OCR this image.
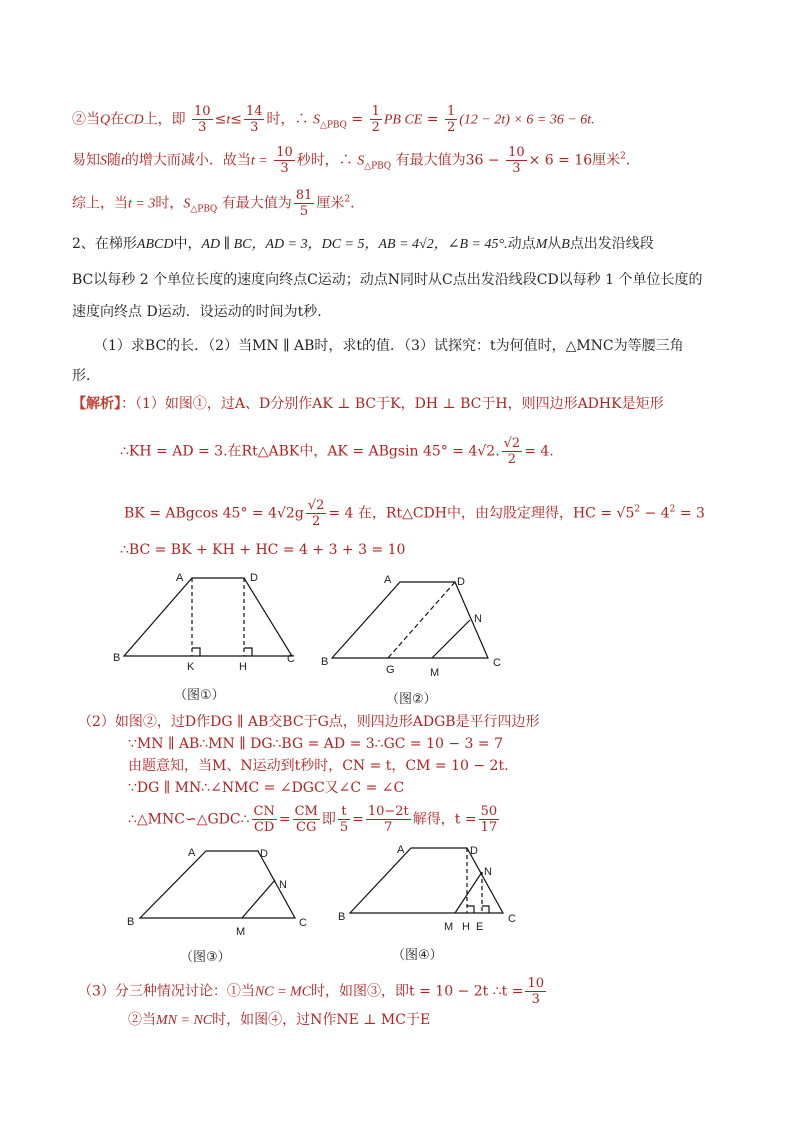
②当Q在CD上，即 $\frac{10}{3} \le t\le \frac{14}{3}$ 时，∴ $S_{\triangle PBQ} = \frac{1}{2}$ PB CE = $\frac{1}{2} (12 - 2t) \times 6 = 36 - 6t$.
易知S随t的增大而减小．故当$t = \frac{10}{3}$ 秒时，∴ $S_{\triangle PBQ}$ 有最大值为$36 - \frac{10}{3} \times 6 = 16$厘米$^2$.
综上，当t = 3时，$S_{\triangle PBQ}$ 有最大值为 $\frac{81}{5}$ 厘米$^2$.
2、在梯形ABCD中，AD ∥ BC，AD = 3，DC = 5，AB = 4√2，∠B = 45°.动点M从B点出发沿线段
BC以每秒 2 个单位长度的速度向终点C运动；动点N同时从C点出发沿线段CD以每秒 1 个单位长度的
速度向终点 D运动．设运动的时间为t秒．
（1）求BC的长．（2）当MN ∥ AB时，求t的值．（3）试探究：t为何值时，△MNC为等腰三角
形．
【解析】：（1）如图①，过A、D分别作AK ⊥ BC于K，DH ⊥ BC于H，则四边形ADHK是矩形
∴KH = AD = 3.在Rt△ABK中，AK = ABgsin 45° = 4√2. $\frac{√2}{2} = 4$.
BK = ABgcos $45^\circ = 4√2g \frac{√2}{2} = 4$ 在，Rt△CDH中，由勾股定理得，HC = $√5^2 - 4^2 = 3$
∴BC = BK + KH + HC = 4 + 3 + 3 = 10
A	D
B
K	H
C
A	D
N
B
G	M
C
A	D
N
B
M
C
A	D
N
B
M H E
C
（图①）	（图②）
（图③）	（图④）
（2）如图②，过D作DG ∥ AB交BC于G点，则四边形ADGB是平行四边形
∵MN ∥ AB∴MN ∥ DG∴BG = AD = 3∴GC = 10 − 3 = 7
由题意知，当M、N运动到t秒时，CN = t，CM = 10 − 2t.
∵DG ∥ MN∴∠NMC = ∠DGC又∠C = ∠C
∴△MNC∽△GDC∴ $\frac{CN}{CD} = \frac{CM}{CG}$ 即 $\frac{t}{5} = \frac{10-2t}{7}$ 解得，$t = \frac{50}{17}$
（3）分三种情况讨论：①当NC = MC时，如图③，即t = 10 − 2t ∴t = $\frac{10}{3}$
②当MN = NC时，如图④，过N作NE ⊥ MC于E
